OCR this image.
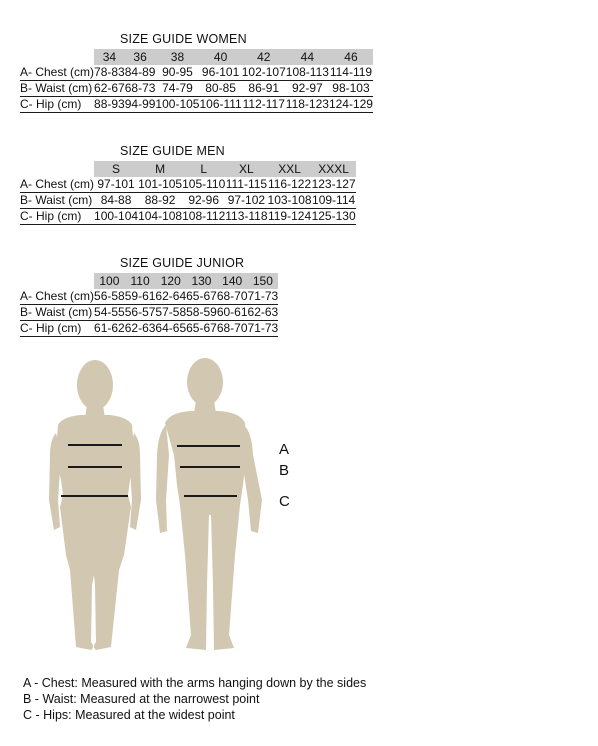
SIZE GUIDE WOMEN
	34	36	38	40	42	44	46
A- Chest (cm)	78-83	84-89	90-95	96-101	102-107	108-113	114-119
B- Waist (cm)	62-67	68-73	74-79	80-85	86-91	92-97	98-103
C- Hip (cm)	88-93	94-99	100-105	106-111	112-117	118-123	124-129
SIZE GUIDE MEN
	S	M	L	XL	XXL	XXXL
A- Chest (cm)	97-101	101-105	105-110	111-115	116-122	123-127
B- Waist (cm)	84-88	88-92	92-96	97-102	103-108	109-114
C- Hip (cm)	100-104	104-108	108-112	113-118	119-124	125-130
SIZE GUIDE JUNIOR
	100	110	120	130	140	150
A- Chest (cm)	56-58	59-61	62-64	65-67	68-70	71-73
B- Waist (cm)	54-55	56-57	57-58	58-59	60-61	62-63
C- Hip (cm)	61-62	62-63	64-65	65-67	68-70	71-73
A
B
C
A - Chest: Measured with the arms hanging down by the sides
B - Waist: Measured at the narrowest point
C - Hips: Measured at the widest point
